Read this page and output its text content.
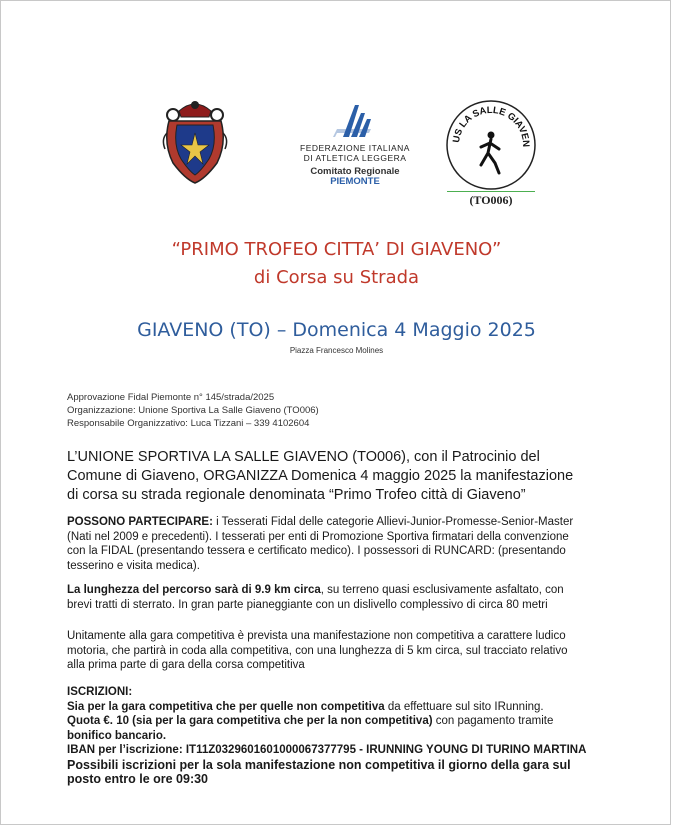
FEDERAZIONE ITALIANA
DI ATLETICA LEGGERA
Comitato Regionale PIEMONTE
US LA SALLE GIAVEN
(TO006)
“PRIMO TROFEO CITTA’ DI GIAVENO”
di Corsa su Strada
GIAVENO (TO) – Domenica 4 Maggio 2025
Piazza Francesco Molines
Approvazione Fidal Piemonte n° 145/strada/2025
Organizzazione: Unione Sportiva La Salle Giaveno (TO006)
Responsabile Organizzativo: Luca Tizzani – 339 4102604
L’UNIONE SPORTIVA LA SALLE GIAVENO (TO006), con il Patrocinio del
Comune di Giaveno, ORGANIZZA Domenica 4 maggio 2025 la manifestazione
di corsa su strada regionale denominata “Primo Trofeo città di Giaveno”
POSSONO PARTECIPARE: i Tesserati Fidal delle categorie Allievi-Junior-Promesse-Senior-Master
(Nati nel 2009 e precedenti). I tesserati per enti di Promozione Sportiva firmatari della convenzione
con la FIDAL (presentando tessera e certificato medico). I possessori di RUNCARD: (presentando
tesserino e visita medica).
La lunghezza del percorso sarà di 9.9 km circa, su terreno quasi esclusivamente asfaltato, con
brevi tratti di sterrato. In gran parte pianeggiante con un dislivello complessivo di circa 80 metri
Unitamente alla gara competitiva è prevista una manifestazione non competitiva a carattere ludico
motoria, che partirà in coda alla competitiva, con una lunghezza di 5 km circa, sul tracciato relativo
alla prima parte di gara della corsa competitiva
ISCRIZIONI:
Sia per la gara competitiva che per quelle non competitiva da effettuare sul sito IRunning.
Quota €. 10 (sia per la gara competitiva che per la non competitiva) con pagamento tramite
bonifico bancario.
IBAN per l’iscrizione: IT11Z0329601601000067377795 - IRUNNING YOUNG DI TURINO MARTINA
Possibili iscrizioni per la sola manifestazione non competitiva il giorno della gara sul
posto entro le ore 09:30
